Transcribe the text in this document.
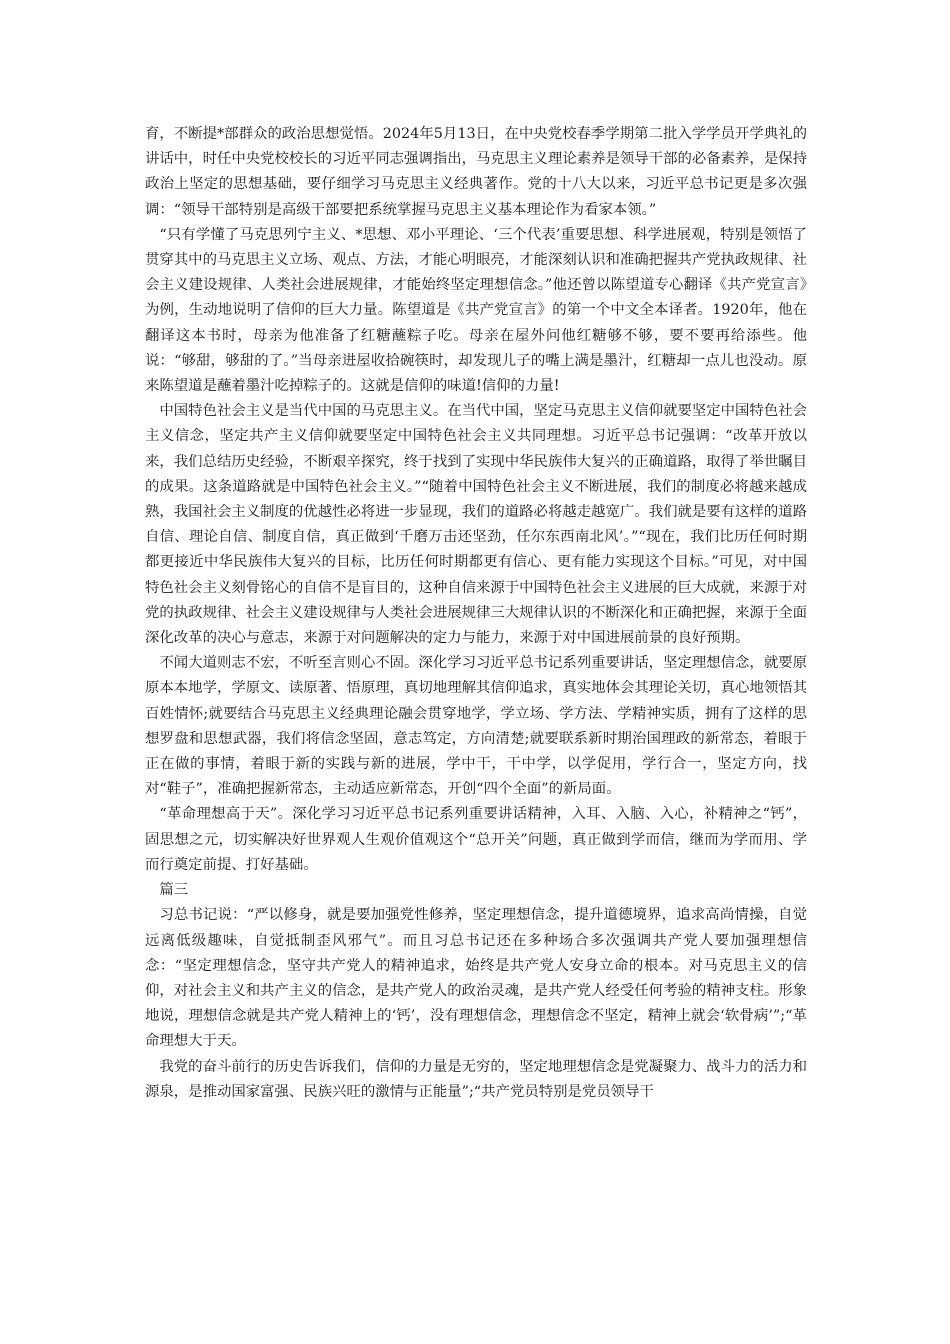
育，不断提*部群众的政治思想觉悟。2024年5月13日，在中央党校春季学期第二批入学学员开学典礼的讲话中，时任中央党校校长的习近平同志强调指出，马克思主义理论素养是领导干部的必备素养，是保持政治上坚定的思想基础，要仔细学习马克思主义经典著作。党的十八大以来，习近平总书记更是多次强调：“领导干部特别是高级干部要把系统掌握马克思主义基本理论作为看家本领。”

“只有学懂了马克思列宁主义、*思想、邓小平理论、‘三个代表’重要思想、科学进展观，特别是领悟了贯穿其中的马克思主义立场、观点、方法，才能心明眼亮，才能深刻认识和准确把握共产党执政规律、社会主义建设规律、人类社会进展规律，才能始终坚定理想信念。”他还曾以陈望道专心翻译《共产党宣言》为例，生动地说明了信仰的巨大力量。陈望道是《共产党宣言》的第一个中文全本译者。1920年，他在翻译这本书时，母亲为他准备了红糖蘸粽子吃。母亲在屋外问他红糖够不够，要不要再给添些。他说：“够甜，够甜的了。”当母亲进屋收拾碗筷时，却发现儿子的嘴上满是墨汁，红糖却一点儿也没动。原来陈望道是蘸着墨汁吃掉粽子的。这就是信仰的味道!信仰的力量!

中国特色社会主义是当代中国的马克思主义。在当代中国，坚定马克思主义信仰就要坚定中国特色社会主义信念，坚定共产主义信仰就要坚定中国特色社会主义共同理想。习近平总书记强调：“改革开放以来，我们总结历史经验，不断艰辛探究，终于找到了实现中华民族伟大复兴的正确道路，取得了举世瞩目的成果。这条道路就是中国特色社会主义。”“随着中国特色社会主义不断进展，我们的制度必将越来越成熟，我国社会主义制度的优越性必将进一步显现，我们的道路必将越走越宽广。我们就是要有这样的道路自信、理论自信、制度自信，真正做到‘千磨万击还坚劲，任尔东西南北风’。”“现在，我们比历任何时期都更接近中华民族伟大复兴的目标，比历任何时期都更有信心、更有能力实现这个目标。”可见，对中国特色社会主义刻骨铭心的自信不是盲目的，这种自信来源于中国特色社会主义进展的巨大成就，来源于对党的执政规律、社会主义建设规律与人类社会进展规律三大规律认识的不断深化和正确把握，来源于全面深化改革的决心与意志，来源于对问题解决的定力与能力，来源于对中国进展前景的良好预期。

不闻大道则志不宏，不听至言则心不固。深化学习习近平总书记系列重要讲话，坚定理想信念，就要原原本本地学，学原文、读原著、悟原理，真切地理解其信仰追求，真实地体会其理论关切，真心地领悟其百姓情怀;就要结合马克思主义经典理论融会贯穿地学，学立场、学方法、学精神实质，拥有了这样的思想罗盘和思想武器，我们将信念坚固，意志笃定，方向清楚;就要联系新时期治国理政的新常态，着眼于正在做的事情，着眼于新的实践与新的进展，学中干，干中学，以学促用，学行合一，坚定方向，找对“鞋子”，准确把握新常态，主动适应新常态，开创“四个全面”的新局面。

“革命理想高于天”。深化学习习近平总书记系列重要讲话精神，入耳、入脑、入心，补精神之“钙”，固思想之元，切实解决好世界观人生观价值观这个“总开关”问题，真正做到学而信，继而为学而用、学而行奠定前提、打好基础。

篇三

习总书记说：“严以修身，就是要加强党性修养，坚定理想信念，提升道德境界，追求高尚情操，自觉远离低级趣味，自觉抵制歪风邪气”。而且习总书记还在多种场合多次强调共产党人要加强理想信念：“坚定理想信念，坚守共产党人的精神追求，始终是共产党人安身立命的根本。对马克思主义的信仰，对社会主义和共产主义的信念，是共产党人的政治灵魂，是共产党人经受任何考验的精神支柱。形象地说，理想信念就是共产党人精神上的‘钙’，没有理想信念，理想信念不坚定，精神上就会‘软骨病’”;“革命理想大于天。

我党的奋斗前行的历史告诉我们，信仰的力量是无穷的，坚定地理想信念是党凝聚力、战斗力的活力和源泉，是推动国家富强、民族兴旺的激情与正能量”;“共产党员特别是党员领导干
